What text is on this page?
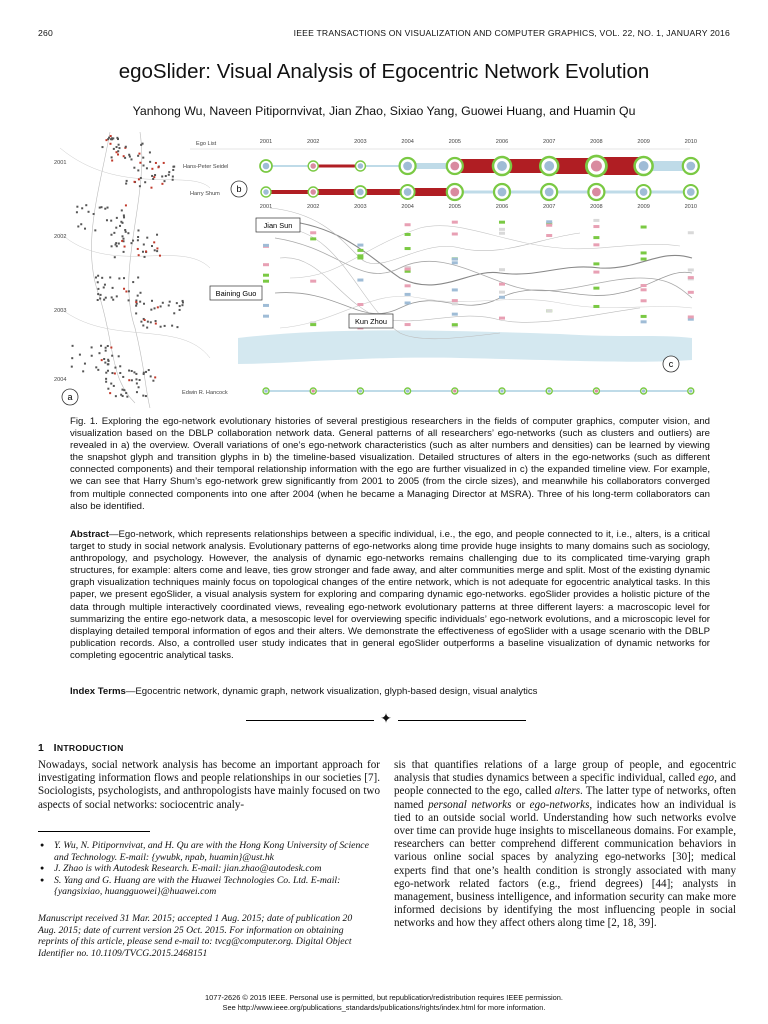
260	IEEE TRANSACTIONS ON VISUALIZATION AND COMPUTER GRAPHICS, VOL. 22, NO. 1, JANUARY 2016
egoSlider: Visual Analysis of Egocentric Network Evolution
Yanhong Wu, Naveen Pitipornvivat, Jian Zhao, Sixiao Yang, Guowei Huang, and Huamin Qu
2001
2002
2003
2004
a
Ego List	2001	2002	2003	2004	2005	2006	2007	2008	2009	2010
Hans-Peter Seidel
Harry Shum b
2001	2002	2003	2004	2005	2006	2007	2008	2009	2010
Jian Sun
Baining Guo
Kun Zhou
c
Edwin R. Hancock
Fig. 1. Exploring the ego-network evolutionary histories of several prestigious researchers in the fields of computer graphics, computer vision, and visualization based on the DBLP collaboration network data. General patterns of all researchers’ ego-networks (such as clusters and outliers) are revealed in a) the overview. Overall variations of one’s ego-network characteristics (such as alter numbers and densities) can be learned by viewing the snapshot glyph and transition glyphs in b) the timeline-based visualization. Detailed structures of alters in the ego-networks (such as different connected components) and their temporal relationship information with the ego are further visualized in c) the expanded timeline view. For example, we can see that Harry Shum’s ego-network grew significantly from 2001 to 2005 (from the circle sizes), and meanwhile his collaborators converged from multiple connected components into one after 2004 (when he became a Managing Director at MSRA). Three of his long-term collaborators can also be identified.
Abstract—Ego-network, which represents relationships between a specific individual, i.e., the ego, and people connected to it, i.e., alters, is a critical target to study in social network analysis. Evolutionary patterns of ego-networks along time provide huge insights to many domains such as sociology, anthropology, and psychology. However, the analysis of dynamic ego-networks remains challenging due to its complicated time-varying graph structures, for example: alters come and leave, ties grow stronger and fade away, and alter communities merge and split. Most of the existing dynamic graph visualization techniques mainly focus on topological changes of the entire network, which is not adequate for egocentric analytical tasks. In this paper, we present egoSlider, a visual analysis system for exploring and comparing dynamic ego-networks. egoSlider provides a holistic picture of the data through multiple interactively coordinated views, revealing ego-network evolutionary patterns at three different layers: a macroscopic level for summarizing the entire ego-network data, a mesoscopic level for overviewing specific individuals’ ego-network evolutions, and a microscopic level for displaying detailed temporal information of egos and their alters. We demonstrate the effectiveness of egoSlider with a usage scenario with the DBLP publication records. Also, a controlled user study indicates that in general egoSlider outperforms a baseline visualization of dynamic networks for completing egocentric analytical tasks.
Index Terms—Egocentric network, dynamic graph, network visualization, glyph-based design, visual analytics
✦
1 INTRODUCTION
Nowadays, social network analysis has become an important approach for investigating information flows and people relationships in our societies [7]. Sociologists, psychologists, and anthropologists have mainly focused on two aspects of social networks: sociocentric analy-
● Y. Wu, N. Pitipornvivat, and H. Qu are with the Hong Kong University of Science and Technology. E-mail: {ywubk, npab, huamin}@ust.hk
● J. Zhao is with Autodesk Research. E-mail: jian.zhao@autodesk.com
● S. Yang and G. Huang are with the Huawei Technologies Co. Ltd. E-mail: {yangsixiao, huangguowei}@huawei.com
Manuscript received 31 Mar. 2015; accepted 1 Aug. 2015; date of publication 20 Aug. 2015; date of current version 25 Oct. 2015. For information on obtaining reprints of this article, please send e-mail to: tvcg@computer.org. Digital Object Identifier no. 10.1109/TVCG.2015.2468151
sis that quantifies relations of a large group of people, and egocentric analysis that studies dynamics between a specific individual, called ego, and people connected to the ego, called alters. The latter type of networks, often named personal networks or ego-networks, indicates how an individual is tied to an outside social world. Understanding how such networks evolve over time can provide huge insights to miscellaneous domains. For example, researchers can better comprehend different communication behaviors in various online social spaces by analyzing ego-networks [30]; medical experts find that one’s health condition is strongly associated with many ego-network related factors (e.g., friend degrees) [44]; analysts in management, business intelligence, and information security can make more informed decisions by identifying the most influencing people in social networks and how they affect others along time [2, 18, 39].
1077-2626 © 2015 IEEE. Personal use is permitted, but republication/redistribution requires IEEE permission.
See http://www.ieee.org/publications_standards/publications/rights/index.html for more information.
